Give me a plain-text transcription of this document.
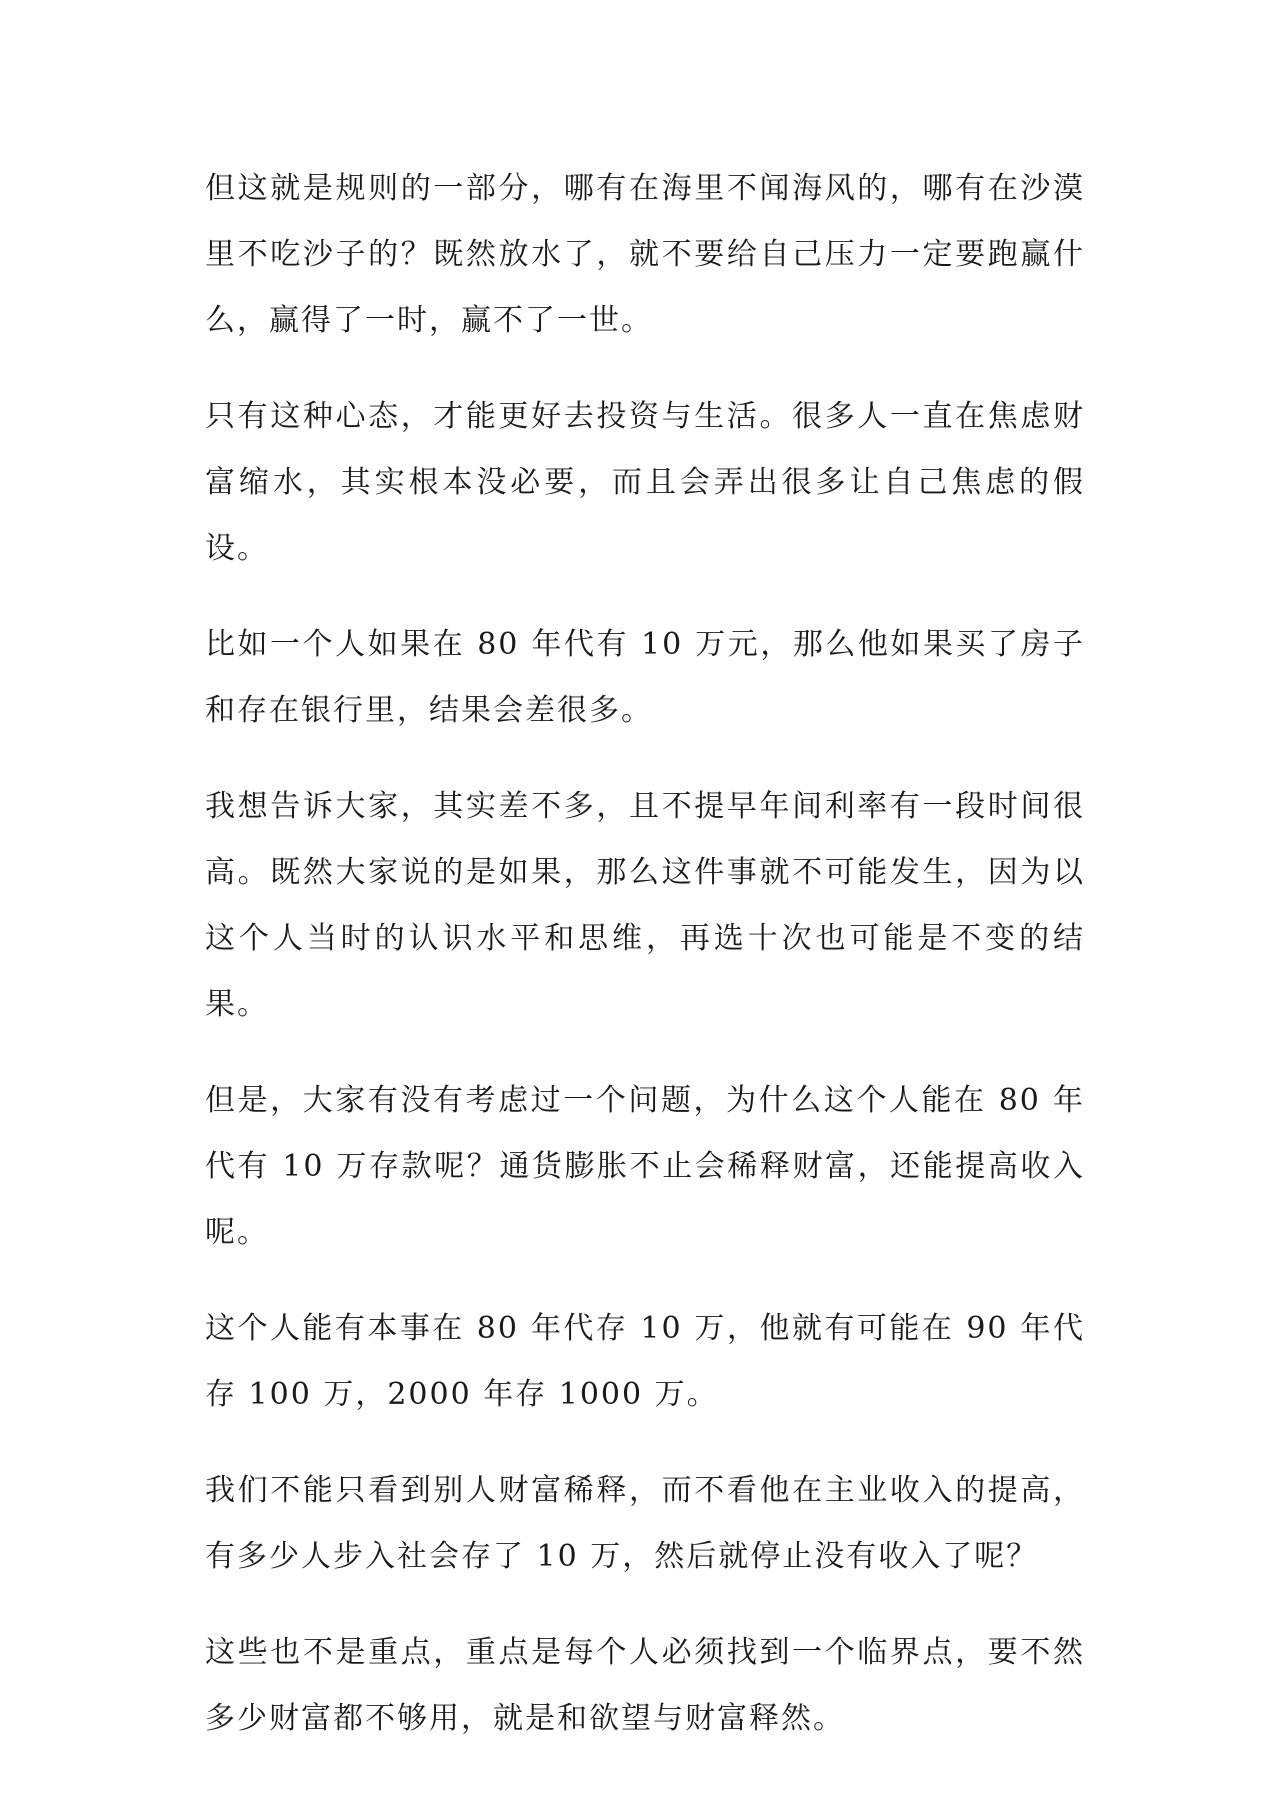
但这就是规则的一部分，哪有在海里不闻海风的，哪有在沙漠里不吃沙子的？既然放水了，就不要给自己压力一定要跑赢什么，赢得了一时，赢不了一世。

只有这种心态，才能更好去投资与生活。很多人一直在焦虑财富缩水，其实根本没必要，而且会弄出很多让自己焦虑的假设。

比如一个人如果在 80 年代有 10 万元，那么他如果买了房子和存在银行里，结果会差很多。

我想告诉大家，其实差不多，且不提早年间利率有一段时间很高。既然大家说的是如果，那么这件事就不可能发生，因为以这个人当时的认识水平和思维，再选十次也可能是不变的结果。

但是，大家有没有考虑过一个问题，为什么这个人能在 80 年代有 10 万存款呢？通货膨胀不止会稀释财富，还能提高收入呢。

这个人能有本事在 80 年代存 10 万，他就有可能在 90 年代存 100 万，2000 年存 1000 万。

我们不能只看到别人财富稀释，而不看他在主业收入的提高，有多少人步入社会存了 10 万，然后就停止没有收入了呢？

这些也不是重点，重点是每个人必须找到一个临界点，要不然多少财富都不够用，就是和欲望与财富释然。
